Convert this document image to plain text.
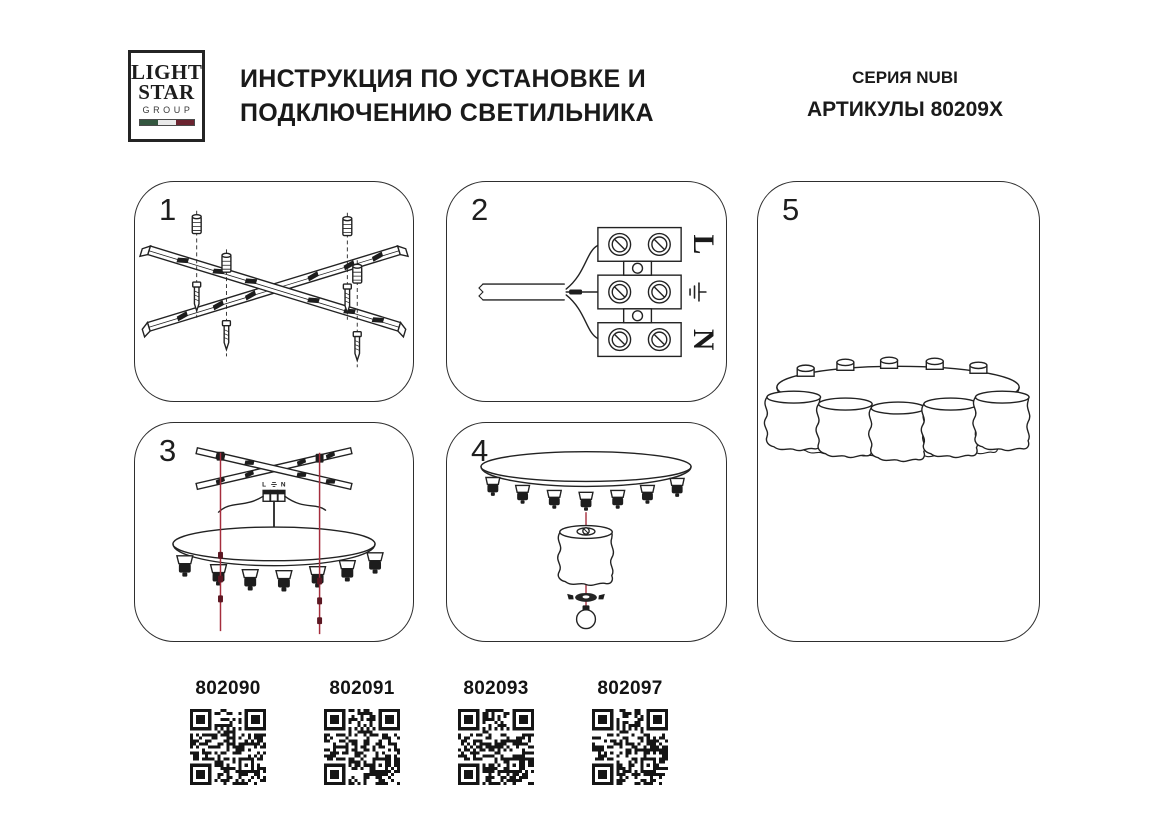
LIGHT
STAR
GROUP
ИНСТРУКЦИЯ ПО УСТАНОВКЕ И
ПОДКЛЮЧЕНИЮ СВЕТИЛЬНИКА
СЕРИЯ NUBI
АРТИКУЛЫ 80209X
1	2
L
N
3
L N
4
5
802090	802091	802093	802097
